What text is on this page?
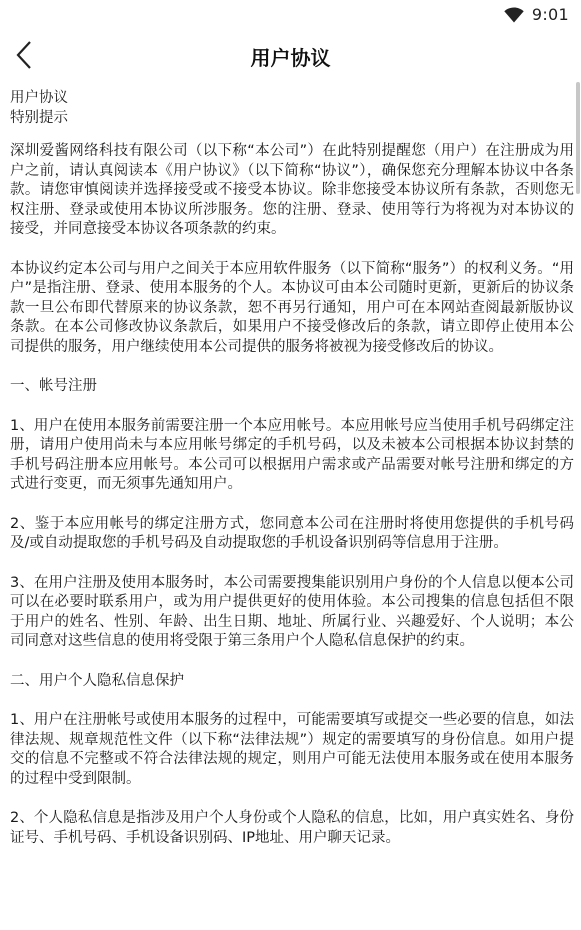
9:01
用户协议

用户协议

特别提示

深圳爱酱网络科技有限公司（以下称“本公司”）在此特别提醒您（用户）在注册成为用户之前，请认真阅读本《用户协议》（以下简称“协议”），确保您充分理解本协议中各条款。请您审慎阅读并选择接受或不接受本协议。除非您接受本协议所有条款，否则您无权注册、登录或使用本协议所涉服务。您的注册、登录、使用等行为将视为对本协议的接受，并同意接受本协议各项条款的约束。

本协议约定本公司与用户之间关于本应用软件服务（以下简称“服务”）的权利义务。“用户”是指注册、登录、使用本服务的个人。本协议可由本公司随时更新，更新后的协议条款一旦公布即代替原来的协议条款，恕不再另行通知，用户可在本网站查阅最新版协议条款。在本公司修改协议条款后，如果用户不接受修改后的条款，请立即停止使用本公司提供的服务，用户继续使用本公司提供的服务将被视为接受修改后的协议。

一、帐号注册

1、用户在使用本服务前需要注册一个本应用帐号。本应用帐号应当使用手机号码绑定注册，请用户使用尚未与本应用帐号绑定的手机号码，以及未被本公司根据本协议封禁的手机号码注册本应用帐号。本公司可以根据用户需求或产品需要对帐号注册和绑定的方式进行变更，而无须事先通知用户。

2、鉴于本应用帐号的绑定注册方式，您同意本公司在注册时将使用您提供的手机号码及/或自动提取您的手机号码及自动提取您的手机设备识别码等信息用于注册。

3、在用户注册及使用本服务时，本公司需要搜集能识别用户身份的个人信息以便本公司可以在必要时联系用户，或为用户提供更好的使用体验。本公司搜集的信息包括但不限于用户的姓名、性别、年龄、出生日期、地址、所属行业、兴趣爱好、个人说明；本公司同意对这些信息的使用将受限于第三条用户个人隐私信息保护的约束。

二、用户个人隐私信息保护

1、用户在注册帐号或使用本服务的过程中，可能需要填写或提交一些必要的信息，如法律法规、规章规范性文件（以下称“法律法规”）规定的需要填写的身份信息。如用户提交的信息不完整或不符合法律法规的规定，则用户可能无法使用本服务或在使用本服务的过程中受到限制。

2、个人隐私信息是指涉及用户个人身份或个人隐私的信息，比如，用户真实姓名、身份证号、手机号码、手机设备识别码、IP地址、用户聊天记录。
